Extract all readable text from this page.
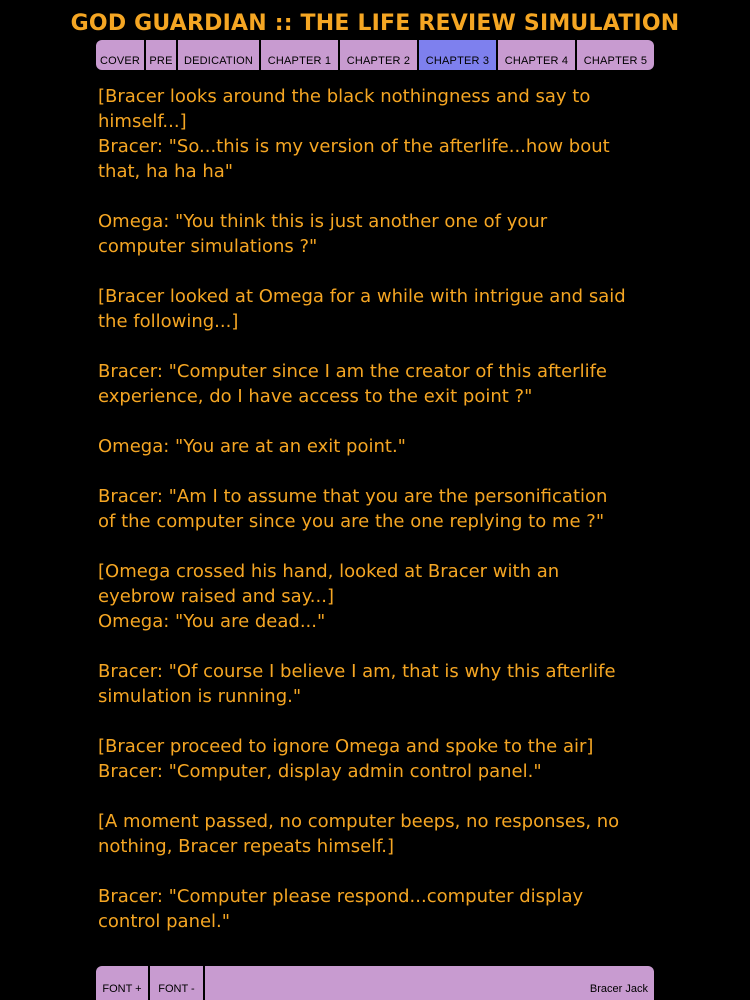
GOD GUARDIAN :: THE LIFE REVIEW SIMULATION
COVER PRE	DEDICATION	CHAPTER 1	CHAPTER 2	CHAPTER 3	CHAPTER 4	CHAPTER 5

[Bracer looks around the black nothingness and say to
himself...]
Bracer: "So...this is my version of the afterlife...how bout
that, ha ha ha"

Omega: "You think this is just another one of your
computer simulations ?"

[Bracer looked at Omega for a while with intrigue and said
the following...]

Bracer: "Computer since I am the creator of this afterlife
experience, do I have access to the exit point ?"

Omega: "You are at an exit point."

Bracer: "Am I to assume that you are the personification
of the computer since you are the one replying to me ?"

[Omega crossed his hand, looked at Bracer with an
eyebrow raised and say...]
Omega: "You are dead..."

Bracer: "Of course I believe I am, that is why this afterlife
simulation is running."

[Bracer proceed to ignore Omega and spoke to the air]
Bracer: "Computer, display admin control panel."

[A moment passed, no computer beeps, no responses, no
nothing, Bracer repeats himself.]

Bracer: "Computer please respond...computer display
control panel."

FONT +	FONT -	Bracer Jack
